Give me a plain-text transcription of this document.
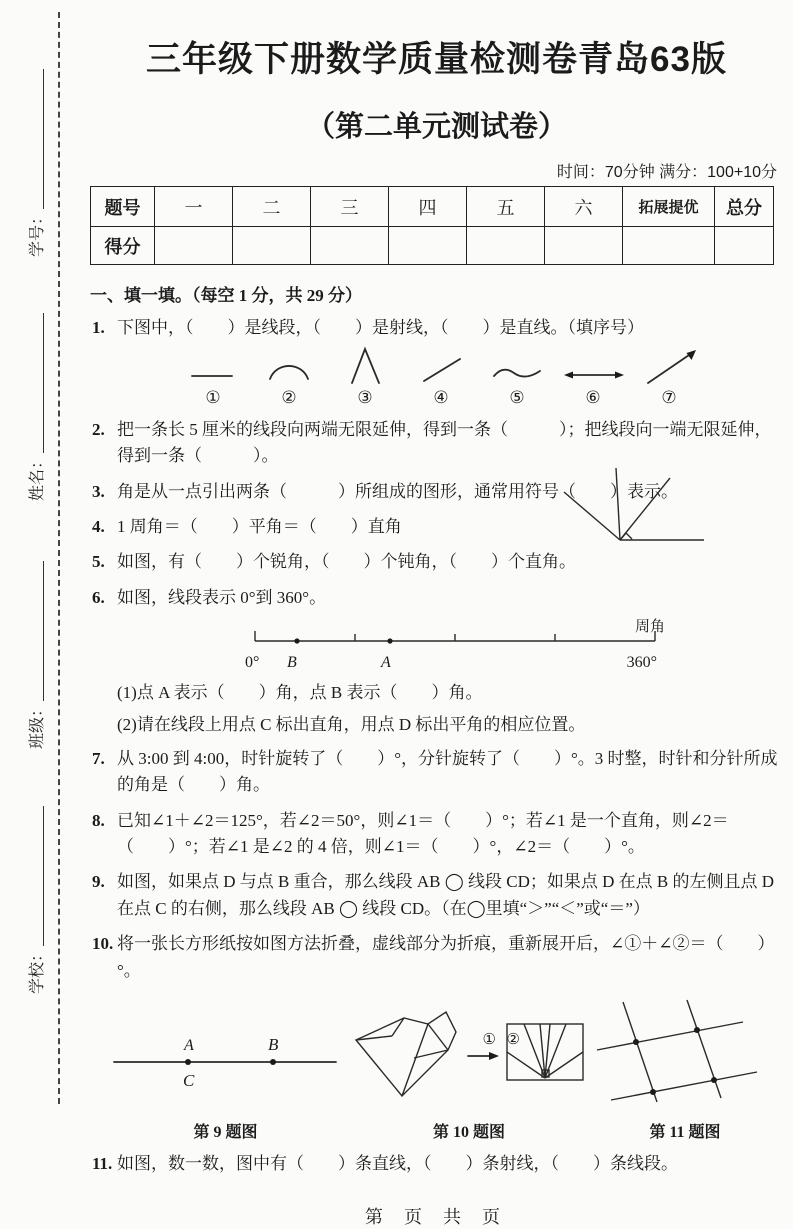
学号：
姓名：
班级：
学校：
三年级下册数学质量检测卷青岛63版
（第二单元测试卷）
时间：70分钟 满分：100+10分
题号	一	二	三	四	五	六	拓展提优	总分
得分								
一、填一填。（每空 1 分，共 29 分）
1. 下图中，（　　）是线段，（　　）是射线，（　　）是直线。（填序号）
①	②	③	④	⑤	⑥	⑦
2. 把一条长 5 厘米的线段向两端无限延伸，得到一条（　　　）；把线段向一端无限延伸，得到一条（　　　）。
3. 角是从一点引出两条（　　　）所组成的图形，通常用符号（　　）表示。
4. 1 周角＝（　　）平角＝（　　）直角
5. 如图，有（　　）个锐角，（　　）个钝角，（　　）个直角。
6. 如图，线段表示 0°到 360°。
周角
0° B	A	360°
(1)点 A 表示（　　）角，点 B 表示（　　）角。
(2)请在线段上用点 C 标出直角，用点 D 标出平角的相应位置。
7. 从 3:00 到 4:00，时针旋转了（　　）°，分针旋转了（　　）°。3 时整，时针和分针所成的角是（　　）角。
8. 已知∠1＋∠2＝125°，若∠2＝50°，则∠1＝（　　）°；若∠1 是一个直角，则∠2＝（　　）°；若∠1 是∠2 的 4 倍，则∠1＝（　　）°，∠2＝（　　）°。
9. 如图，如果点 D 与点 B 重合，那么线段 AB ◯ 线段 CD；如果点 D 在点 B 的左侧且点 D 在点 C 的右侧，那么线段 AB ◯ 线段 CD。（在◯里填“＞”“＜”或“＝”）
10. 将一张长方形纸按如图方法折叠，虚线部分为折痕，重新展开后，∠①＋∠②＝（　　）°。
A	B
C
第 9 题图
① ②
第 10 题图	第 11 题图
11. 如图，数一数，图中有（　　）条直线，（　　）条射线，（　　）条线段。
第 页 共 页
